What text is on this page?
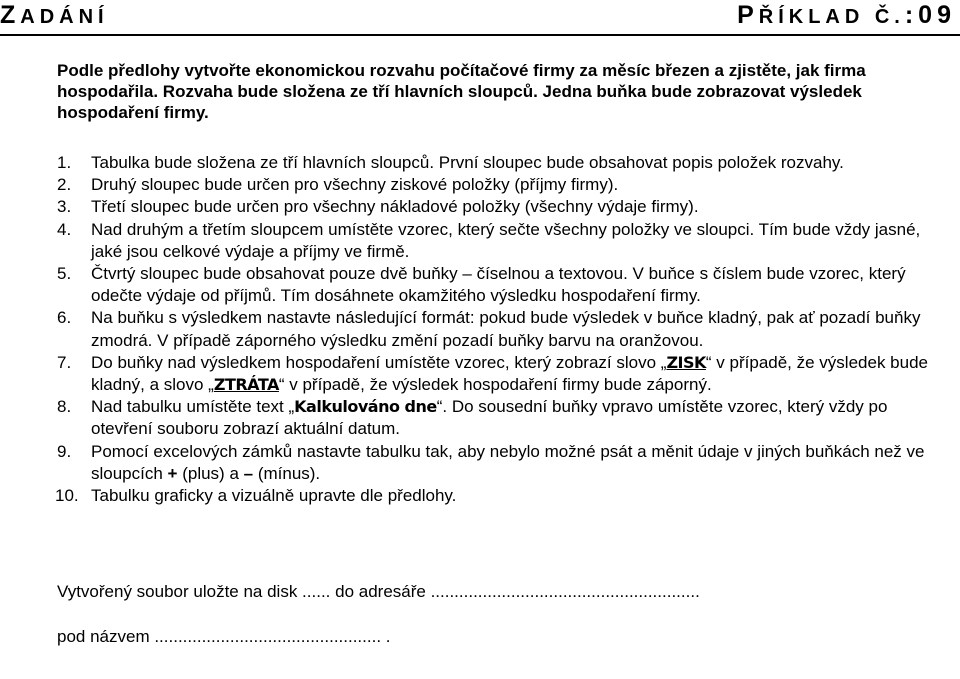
ZADÁNÍ	PŘÍKLAD Č.:09
Podle předlohy vytvořte ekonomickou rozvahu počítačové firmy za měsíc březen a zjistěte, jak firma hospodařila. Rozvaha bude složena ze tří hlavních sloupců. Jedna buňka bude zobrazovat výsledek hospodaření firmy.
1. Tabulka bude složena ze tří hlavních sloupců. První sloupec bude obsahovat popis položek rozvahy.
2. Druhý sloupec bude určen pro všechny ziskové položky (příjmy firmy).
3. Třetí sloupec bude určen pro všechny nákladové položky (všechny výdaje firmy).
4. Nad druhým a třetím sloupcem umístěte vzorec, který sečte všechny položky ve sloupci. Tím bude vždy jasné, jaké jsou celkové výdaje a příjmy ve firmě.
5. Čtvrtý sloupec bude obsahovat pouze dvě buňky – číselnou a textovou. V buňce s číslem bude vzorec, který odečte výdaje od příjmů. Tím dosáhnete okamžitého výsledku hospodaření firmy.
6. Na buňku s výsledkem nastavte následující formát: pokud bude výsledek v buňce kladný, pak ať pozadí buňky zmodrá. V případě záporného výsledku změní pozadí buňky barvu na oranžovou.
7. Do buňky nad výsledkem hospodaření umístěte vzorec, který zobrazí slovo „ZISK“ v případě, že výsledek bude kladný, a slovo „ZTRÁTA“ v případě, že výsledek hospodaření firmy bude záporný.
8. Nad tabulku umístěte text „Kalkulováno dne“. Do sousední buňky vpravo umístěte vzorec, který vždy po otevření souboru zobrazí aktuální datum.
9. Pomocí excelových zámků nastavte tabulku tak, aby nebylo možné psát a měnit údaje v jiných buňkách než ve sloupcích + (plus) a – (mínus).
10. Tabulku graficky a vizuálně upravte dle předlohy.
Vytvořený soubor uložte na disk ...... do adresáře .........................................................
pod názvem ................................................ .
